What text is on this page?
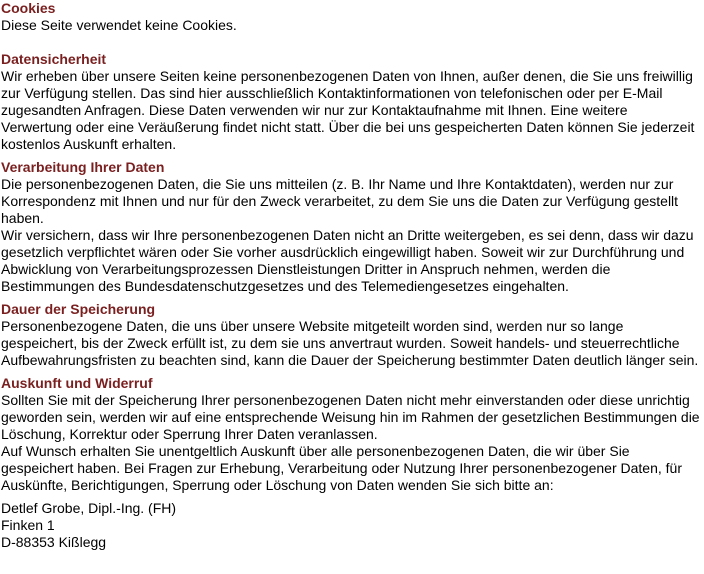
Cookies
Diese Seite verwendet keine Cookies.
Datensicherheit
Wir erheben über unsere Seiten keine personenbezogenen Daten von Ihnen, außer denen, die Sie uns freiwillig zur Verfügung stellen. Das sind hier ausschließlich Kontaktinformationen von telefonischen oder per E-Mail zugesandten Anfragen. Diese Daten verwenden wir nur zur Kontaktaufnahme mit Ihnen. Eine weitere Verwertung oder eine Veräußerung findet nicht statt. Über die bei uns gespeicherten Daten können Sie jederzeit kostenlos Auskunft erhalten.
Verarbeitung Ihrer Daten
Die personenbezogenen Daten, die Sie uns mitteilen (z. B. Ihr Name und Ihre Kontaktdaten), werden nur zur Korrespondenz mit Ihnen und nur für den Zweck verarbeitet, zu dem Sie uns die Daten zur Verfügung gestellt haben.
Wir versichern, dass wir Ihre personenbezogenen Daten nicht an Dritte weitergeben, es sei denn, dass wir dazu gesetzlich verpflichtet wären oder Sie vorher ausdrücklich eingewilligt haben. Soweit wir zur Durchführung und Abwicklung von Verarbeitungsprozessen Dienstleistungen Dritter in Anspruch nehmen, werden die Bestimmungen des Bundesdatenschutzgesetzes und des Telemediengesetzes eingehalten.
Dauer der Speicherung
Personenbezogene Daten, die uns über unsere Website mitgeteilt worden sind, werden nur so lange gespeichert, bis der Zweck erfüllt ist, zu dem sie uns anvertraut wurden. Soweit handels- und steuerrechtliche Aufbewahrungsfristen zu beachten sind, kann die Dauer der Speicherung bestimmter Daten deutlich länger sein.
Auskunft und Widerruf
Sollten Sie mit der Speicherung Ihrer personenbezogenen Daten nicht mehr einverstanden oder diese unrichtig geworden sein, werden wir auf eine entsprechende Weisung hin im Rahmen der gesetzlichen Bestimmungen die Löschung, Korrektur oder Sperrung Ihrer Daten veranlassen.
Auf Wunsch erhalten Sie unentgeltlich Auskunft über alle personenbezogenen Daten, die wir über Sie gespeichert haben. Bei Fragen zur Erhebung, Verarbeitung oder Nutzung Ihrer personenbezogener Daten, für Auskünfte, Berichtigungen, Sperrung oder Löschung von Daten wenden Sie sich bitte an:
Detlef Grobe, Dipl.-Ing. (FH)
Finken 1
D-88353 Kißlegg
